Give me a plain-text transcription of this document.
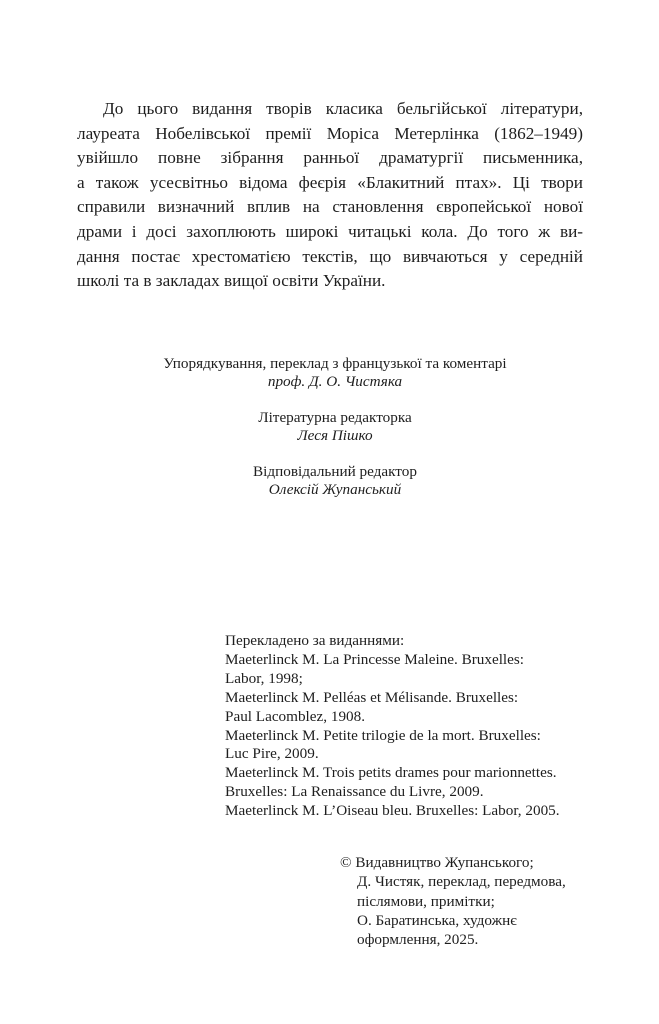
До цього видання творів класика бельгійської літератури,
лауреата Нобелівської премії Моріса Метерлінка (1862–1949)
увійшло повне зібрання ранньої драматургії письменника,
а також усесвітньо відома феєрія «Блакитний птах». Ці твори
справили визначний вплив на становлення європейської нової
драми і досі захоплюють широкі читацькі кола. До того ж ви-
дання постає хрестоматією текстів, що вивчаються у середній
школі та в закладах вищої освіти України.
Упорядкування, переклад з французької та коментарі
проф. Д. О. Чистяка
Літературна редакторка
Леся Пішко
Відповідальний редактор
Олексій Жупанський
Перекладено за виданнями:
Maeterlinck M. La Princesse Maleine. Bruxelles:
Labor, 1998;
Maeterlinck M. Pelléas et Mélisande. Bruxelles:
Paul Lacomblez, 1908.
Maeterlinck M. Petite trilogie de la mort. Bruxelles:
Luc Pire, 2009.
Maeterlinck M. Trois petits drames pour marionnettes.
Bruxelles: La Renaissance du Livre, 2009.
Maeterlinck M. L’Oiseau bleu. Bruxelles: Labor, 2005.
© Видавництво Жупанського;
Д. Чистяк, переклад, передмова,
післямови, примітки;
О. Баратинська, художнє
оформлення, 2025.
